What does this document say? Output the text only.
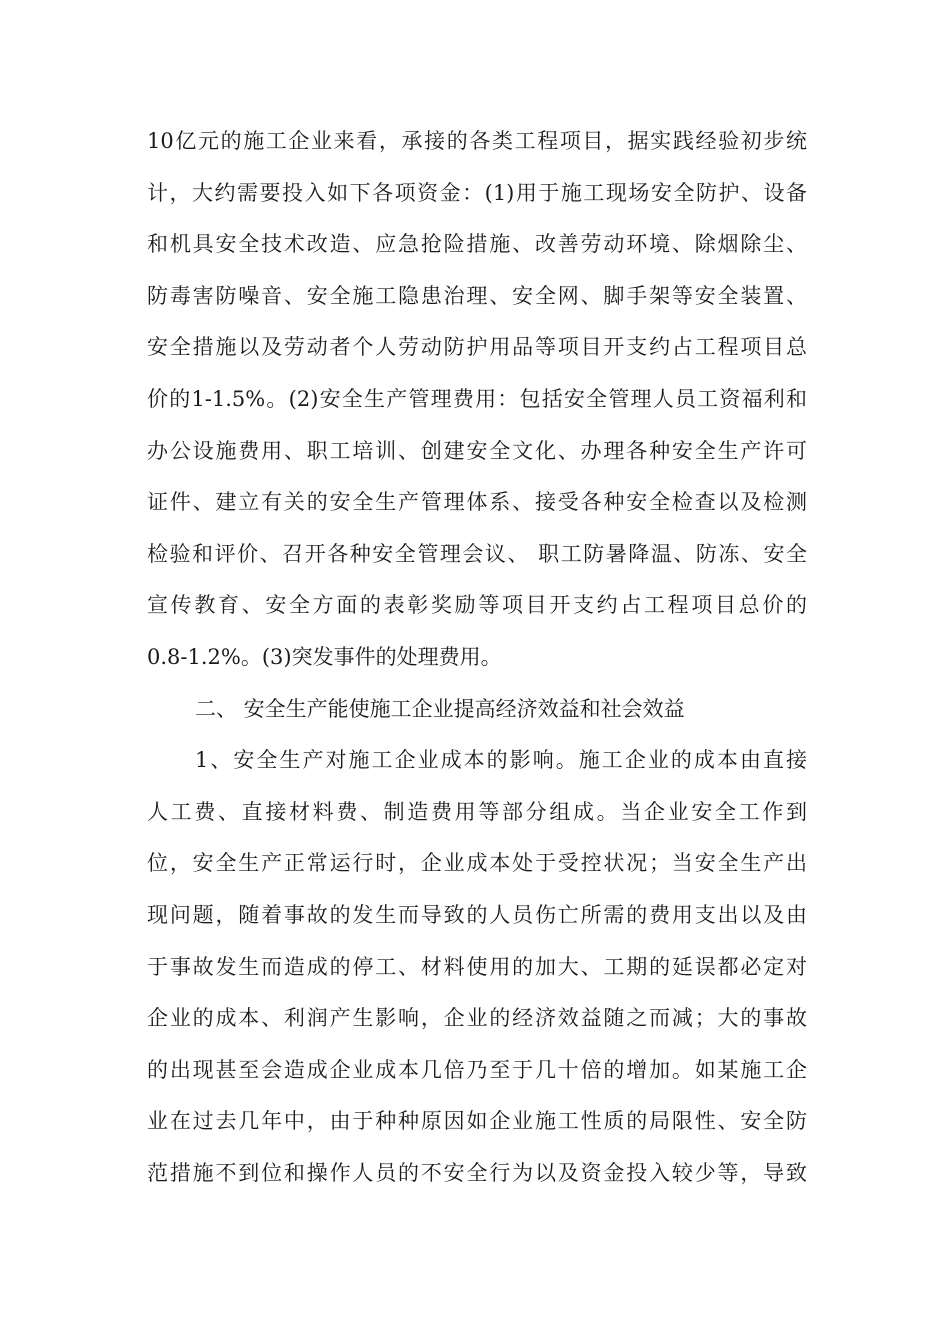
10亿元的施工企业来看，承接的各类工程项目，据实践经验初步统
计，大约需要投入如下各项资金：(1)用于施工现场安全防护、设备
和机具安全技术改造、应急抢险措施、改善劳动环境、除烟除尘、
防毒害防噪音、安全施工隐患治理、安全网、脚手架等安全装置、
安全措施以及劳动者个人劳动防护用品等项目开支约占工程项目总
价的1-1.5%。(2)安全生产管理费用：包括安全管理人员工资福利和
办公设施费用、职工培训、创建安全文化、办理各种安全生产许可
证件、建立有关的安全生产管理体系、接受各种安全检查以及检测
检验和评价、召开各种安全管理会议、 职工防暑降温、防冻、安全
宣传教育、安全方面的表彰奖励等项目开支约占工程项目总价的
0.8-1.2%。(3)突发事件的处理费用。
二、 安全生产能使施工企业提高经济效益和社会效益
1、安全生产对施工企业成本的影响。施工企业的成本由直接
人工费、直接材料费、制造费用等部分组成。当企业安全工作到
位，安全生产正常运行时，企业成本处于受控状况；当安全生产出
现问题，随着事故的发生而导致的人员伤亡所需的费用支出以及由
于事故发生而造成的停工、材料使用的加大、工期的延误都必定对
企业的成本、利润产生影响，企业的经济效益随之而减；大的事故
的出现甚至会造成企业成本几倍乃至于几十倍的增加。如某施工企
业在过去几年中，由于种种原因如企业施工性质的局限性、安全防
范措施不到位和操作人员的不安全行为以及资金投入较少等，导致
